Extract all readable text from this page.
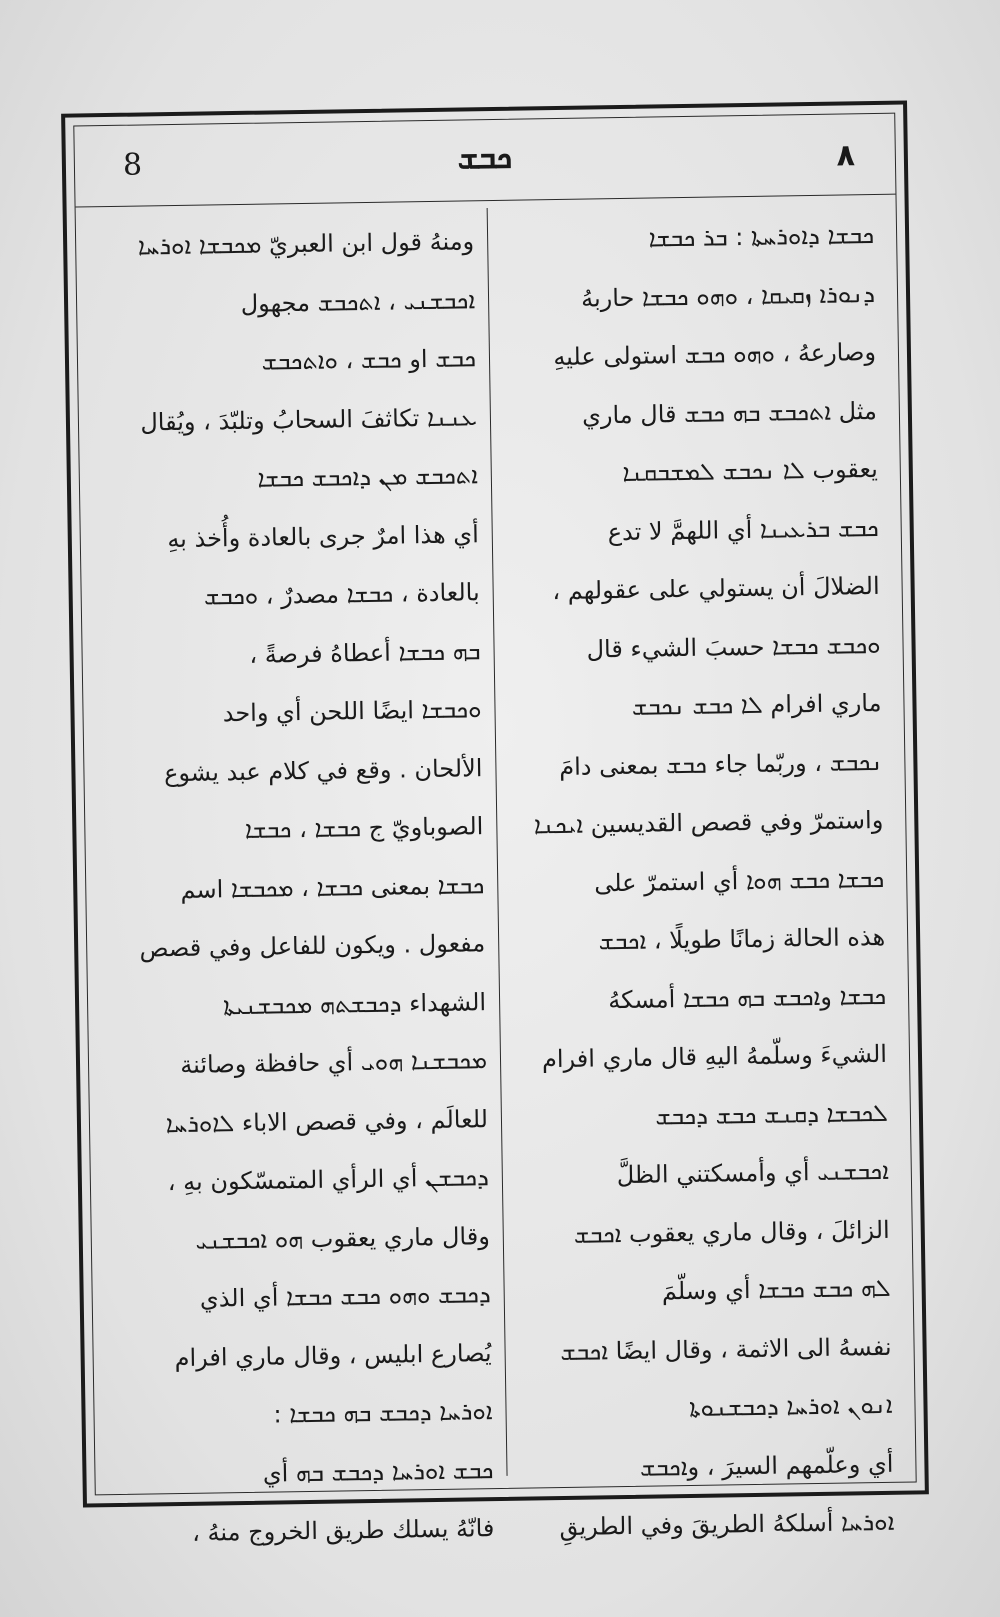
8	ܟܒܫ	٨
ܟܒܫܐ ܕܐܘܪܚܬܐ : ܒܪ ܟܒܫܐ
ܕܢܘܪܐ ܙܩܝܩܐ ، ܘܗܘ ܟܒܫܐ حاربهُ
وصارعهُ ، ܘܗܘ ܟܒܫ استولى عليهِ
مثل ܐܬܟܒܫ ܒܗ ܟܒܫ قال ماري
يعقوب ܠܐ ܢܟܒܫ ܠܡܫܒܩܢܐ
ܟܒܫ ܒܪܥܝܢܐ أي اللهمَّ لا تدع
الضلالَ أن يستولي على عقولهم ،
ܘܟܒܫ ܟܒܫܐ حسبَ الشيء قال
ماري افرام ܠܐ ܟܒܫ ܢܟܒܫ
ܢܟܒܫ ، وربّما جاء ܟܒܫ بمعنى دامَ
واستمرّ وفي قصص القديسين ܐܝܟܢܐ
ܟܒܫܐ ܟܒܫ ܗܘܐ أي استمرّ على
هذه الحالة زمانًا طويلًا ، ܐܟܒܫ
ܟܒܫܐ وܐܟܒܫ ܒܗ ܟܒܫܐ أمسكهُ
الشيءَ وسلّمهُ اليهِ قال ماري افرام
ܠܟܒܫܐ ܕܩܢܫ ܟܒܫ ܕܟܒܫ
ܐܟܒܫܢܝ أي وأمسكتني الظلَّ
الزائلَ ، وقال ماري يعقوب ܐܟܒܫ
ܠܗ ܟܒܫ ܟܒܫܐ أي وسلّمَ
نفسهُ الى الاثمة ، وقال ايضًا ܐܟܒܫ
ܐܢܘܢ ܐܘܪܚܐ ܕܟܒܫܢܘܬܐ
أي وعلّمهم السيرَ ، وܐܟܒܫ
ܐܘܪܚܐ أسلكهُ الطريقَ وفي الطريقِ
ومنهُ قول ابن العبريّ ܡܟܒܫܐ ܐܘܪܚܐ
ܐܟܒܫܢܝ ، ܐܬܟܒܫ مجهول
ܟܒܫ او ܟܒܫ ، ܘܐܬܟܒܫ
ܥܢܢܐ تكاثفَ السحابُ وتلبّدَ ، ويُقال
ܐܬܟܒܫ ܡܢ ܕܐܟܒܫ ܟܒܫܐ
أي هذا امرٌ جرى بالعادة وأُخذ بهِ
بالعادة ، ܟܒܫܐ مصدرٌ ، ܘܟܒܫ
ܒܗ ܟܒܫܐ أعطاهُ فرصةً ،
ܘܟܒܫܐ ايضًا اللحن أي واحد
الألحان . وقع في كلام عبد يشوع
الصوباويّ ج ܟܒܫܐ ، ܟܒܫܐ
ܟܒܫܐ بمعنى ܟܒܫܐ ، ܡܟܒܫܐ اسم
مفعول . ويكون للفاعل وفي قصص
الشهداء ܕܟܒܫܬܗ ܡܟܒܫܢܝܬܐ
ܡܟܒܫܢܐ ܗܘܝ أي حافظة وصائنة
للعالَم ، وفي قصص الاباء ܠܐܘܪܚܐ
ܕܟܒܫܢ أي الرأي المتمسّكون بهِ ،
وقال ماري يعقوب ܗܘ ܐܟܒܫܢܝ
ܕܟܒܫ ܘܗܘ ܟܒܫ ܟܒܫܐ أي الذي
يُصارع ابليس ، وقال ماري افرام
ܐܘܪܚܐ ܕܟܒܫ ܒܗ ܟܒܫܐ :
ܟܒܫ ܐܘܪܚܐ ܕܟܒܫ ܒܗ أي
فانّهُ يسلك طريق الخروج منهُ ،
